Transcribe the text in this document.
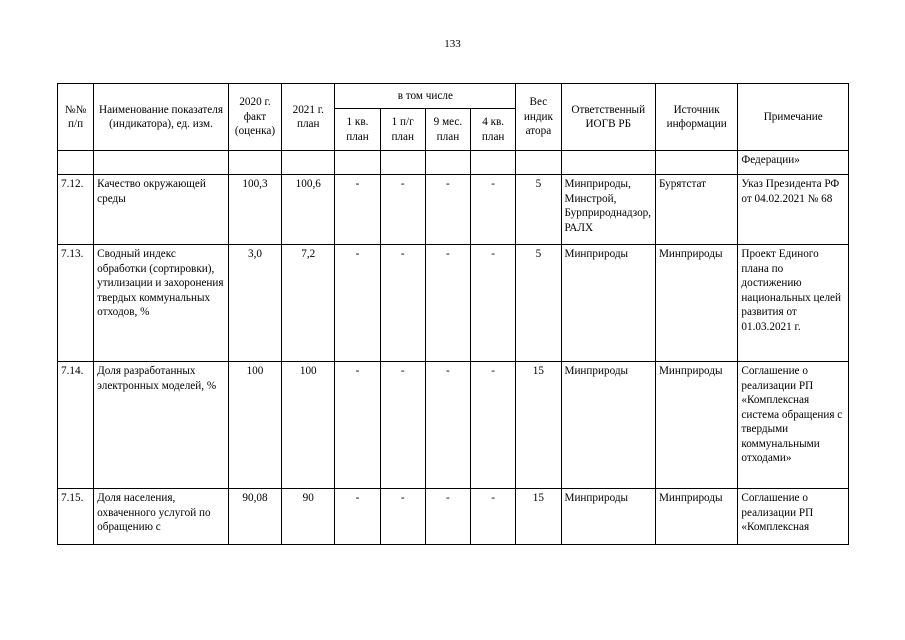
133
№№ п/п	Наименование показателя (индикатора), ед. изм.	2020 г. факт (оценка)	2021 г. план	в том числе				Вес индик атора	Ответственный ИОГВ РБ	Источник информации	Примечание
				1 кв. план	1 п/г план	9 мес. план	4 кв. план				
											Федерации»
7.12.	Качество окружающей среды	100,3	100,6	-	-	-	-	5	Минприроды, Минстрой, Бурприроднадзор, РАЛХ	Бурятстат	Указ Президента РФ от 04.02.2021 № 68
7.13.	Сводный индекс обработки (сортировки), утилизации и захоронения твердых коммунальных отходов, %	3,0	7,2	-	-	-	-	5	Минприроды	Минприроды	Проект Единого плана по достижению национальных целей развития от 01.03.2021 г.
7.14.	Доля разработанных электронных моделей, %	100	100	-	-	-	-	15	Минприроды	Минприроды	Соглашение о реализации РП «Комплексная система обращения с твердыми коммунальными отходами»
7.15.	Доля населения, охваченного услугой по обращению с	90,08	90	-	-	-	-	15	Минприроды	Минприроды	Соглашение о реализации РП «Комплексная
